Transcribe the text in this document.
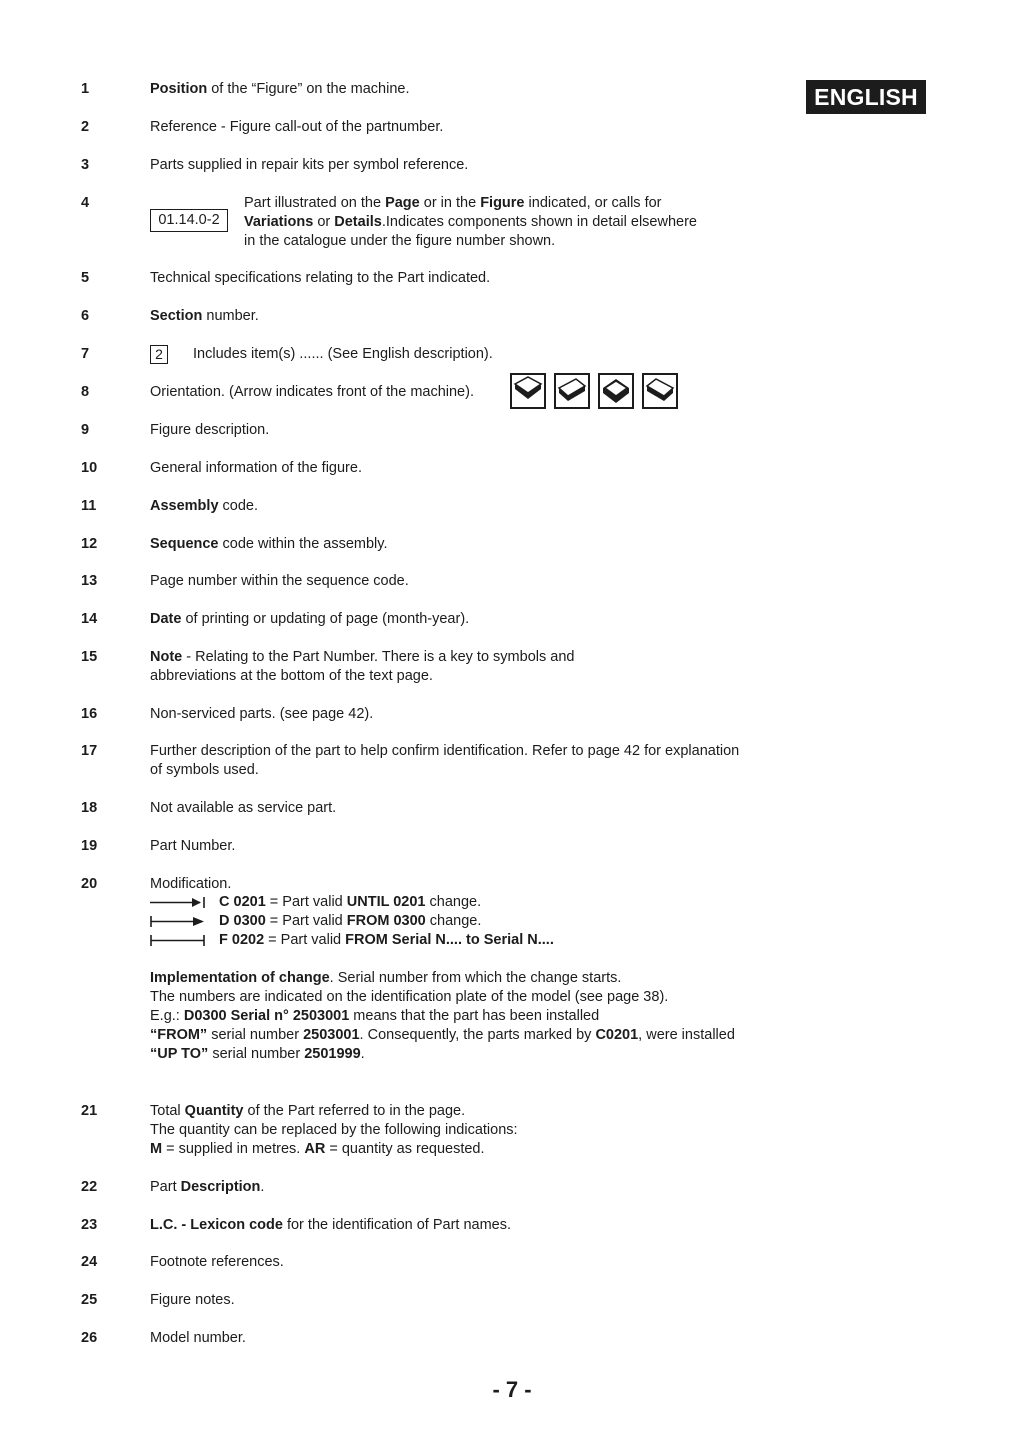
ENGLISH
1	Position of the “Figure” on the machine.
2	Reference - Figure call-out of the partnumber.
3	Parts supplied in repair kits per symbol reference.
4	Part illustrated on the Page or in the Figure indicated, or calls for
Variations or Details.Indicates components shown in detail elsewhere
in the catalogue under the figure number shown.
5	Technical specifications relating to the Part indicated.
6	Section number.
7	Includes item(s) ...... (See English description).
8	Orientation. (Arrow indicates front of the machine).
9	Figure description.
10	General information of the figure.
11	Assembly code.
12	Sequence code within the assembly.
13	Page number within the sequence code.
14	Date of printing or updating of page (month-year).
15	Note - Relating to the Part Number. There is a key to symbols and
abbreviations at the bottom of the text page.
16	Non-serviced parts. (see page 42).
17	Further description of the part to help confirm identification. Refer to page 42 for explanation
of symbols used.
18	Not available as service part.
19	Part Number.
20	Modification.
Implementation of change. Serial number from which the change starts.
The numbers are indicated on the identification plate of the model (see page 38).
E.g.: D0300 Serial n° 2503001 means that the part has been installed
“FROM” serial number 2503001. Consequently, the parts marked by C0201, were installed
“UP TO” serial number 2501999.
21	Total Quantity of the Part referred to in the page.
The quantity can be replaced by the following indications:
M = supplied in metres. AR = quantity as requested.
22	Part Description.
23	L.C. - Lexicon code for the identification of Part names.
24	Footnote references.
25	Figure notes.
26	Model number.
01.14.0-2
2
C 0201 = Part valid UNTIL 0201 change.
D 0300 = Part valid FROM 0300 change.
F 0202 = Part valid FROM Serial N.... to Serial N....
- 7 -
